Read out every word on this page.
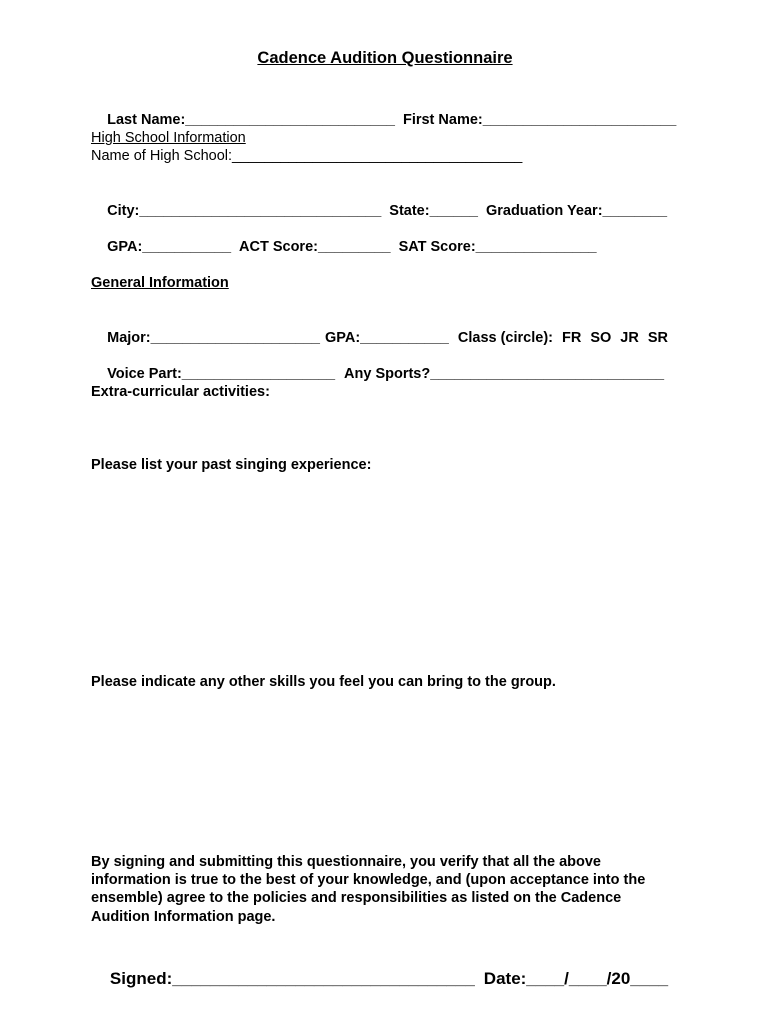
Cadence Audition Questionnaire

Last Name:__________________________ First Name:________________________

High School Information
Name of High School:____________________________________

City:______________________________ State:______ Graduation Year:________

GPA:___________ ACT Score:_________ SAT Score:_______________

General Information

Major:_____________________ GPA:___________ Class (circle): FR SO JR SR

Voice Part:___________________ Any Sports?_____________________________

Extra-curricular activities:
Please list your past singing experience:
Please indicate any other skills you feel you can bring to the group.
By signing and submitting this questionnaire, you verify that all the above information is true to the best of your knowledge, and (upon acceptance into the ensemble) agree to the policies and responsibilities as listed on the Cadence Audition Information page.

Signed:________________________________ Date:____/____/20____
